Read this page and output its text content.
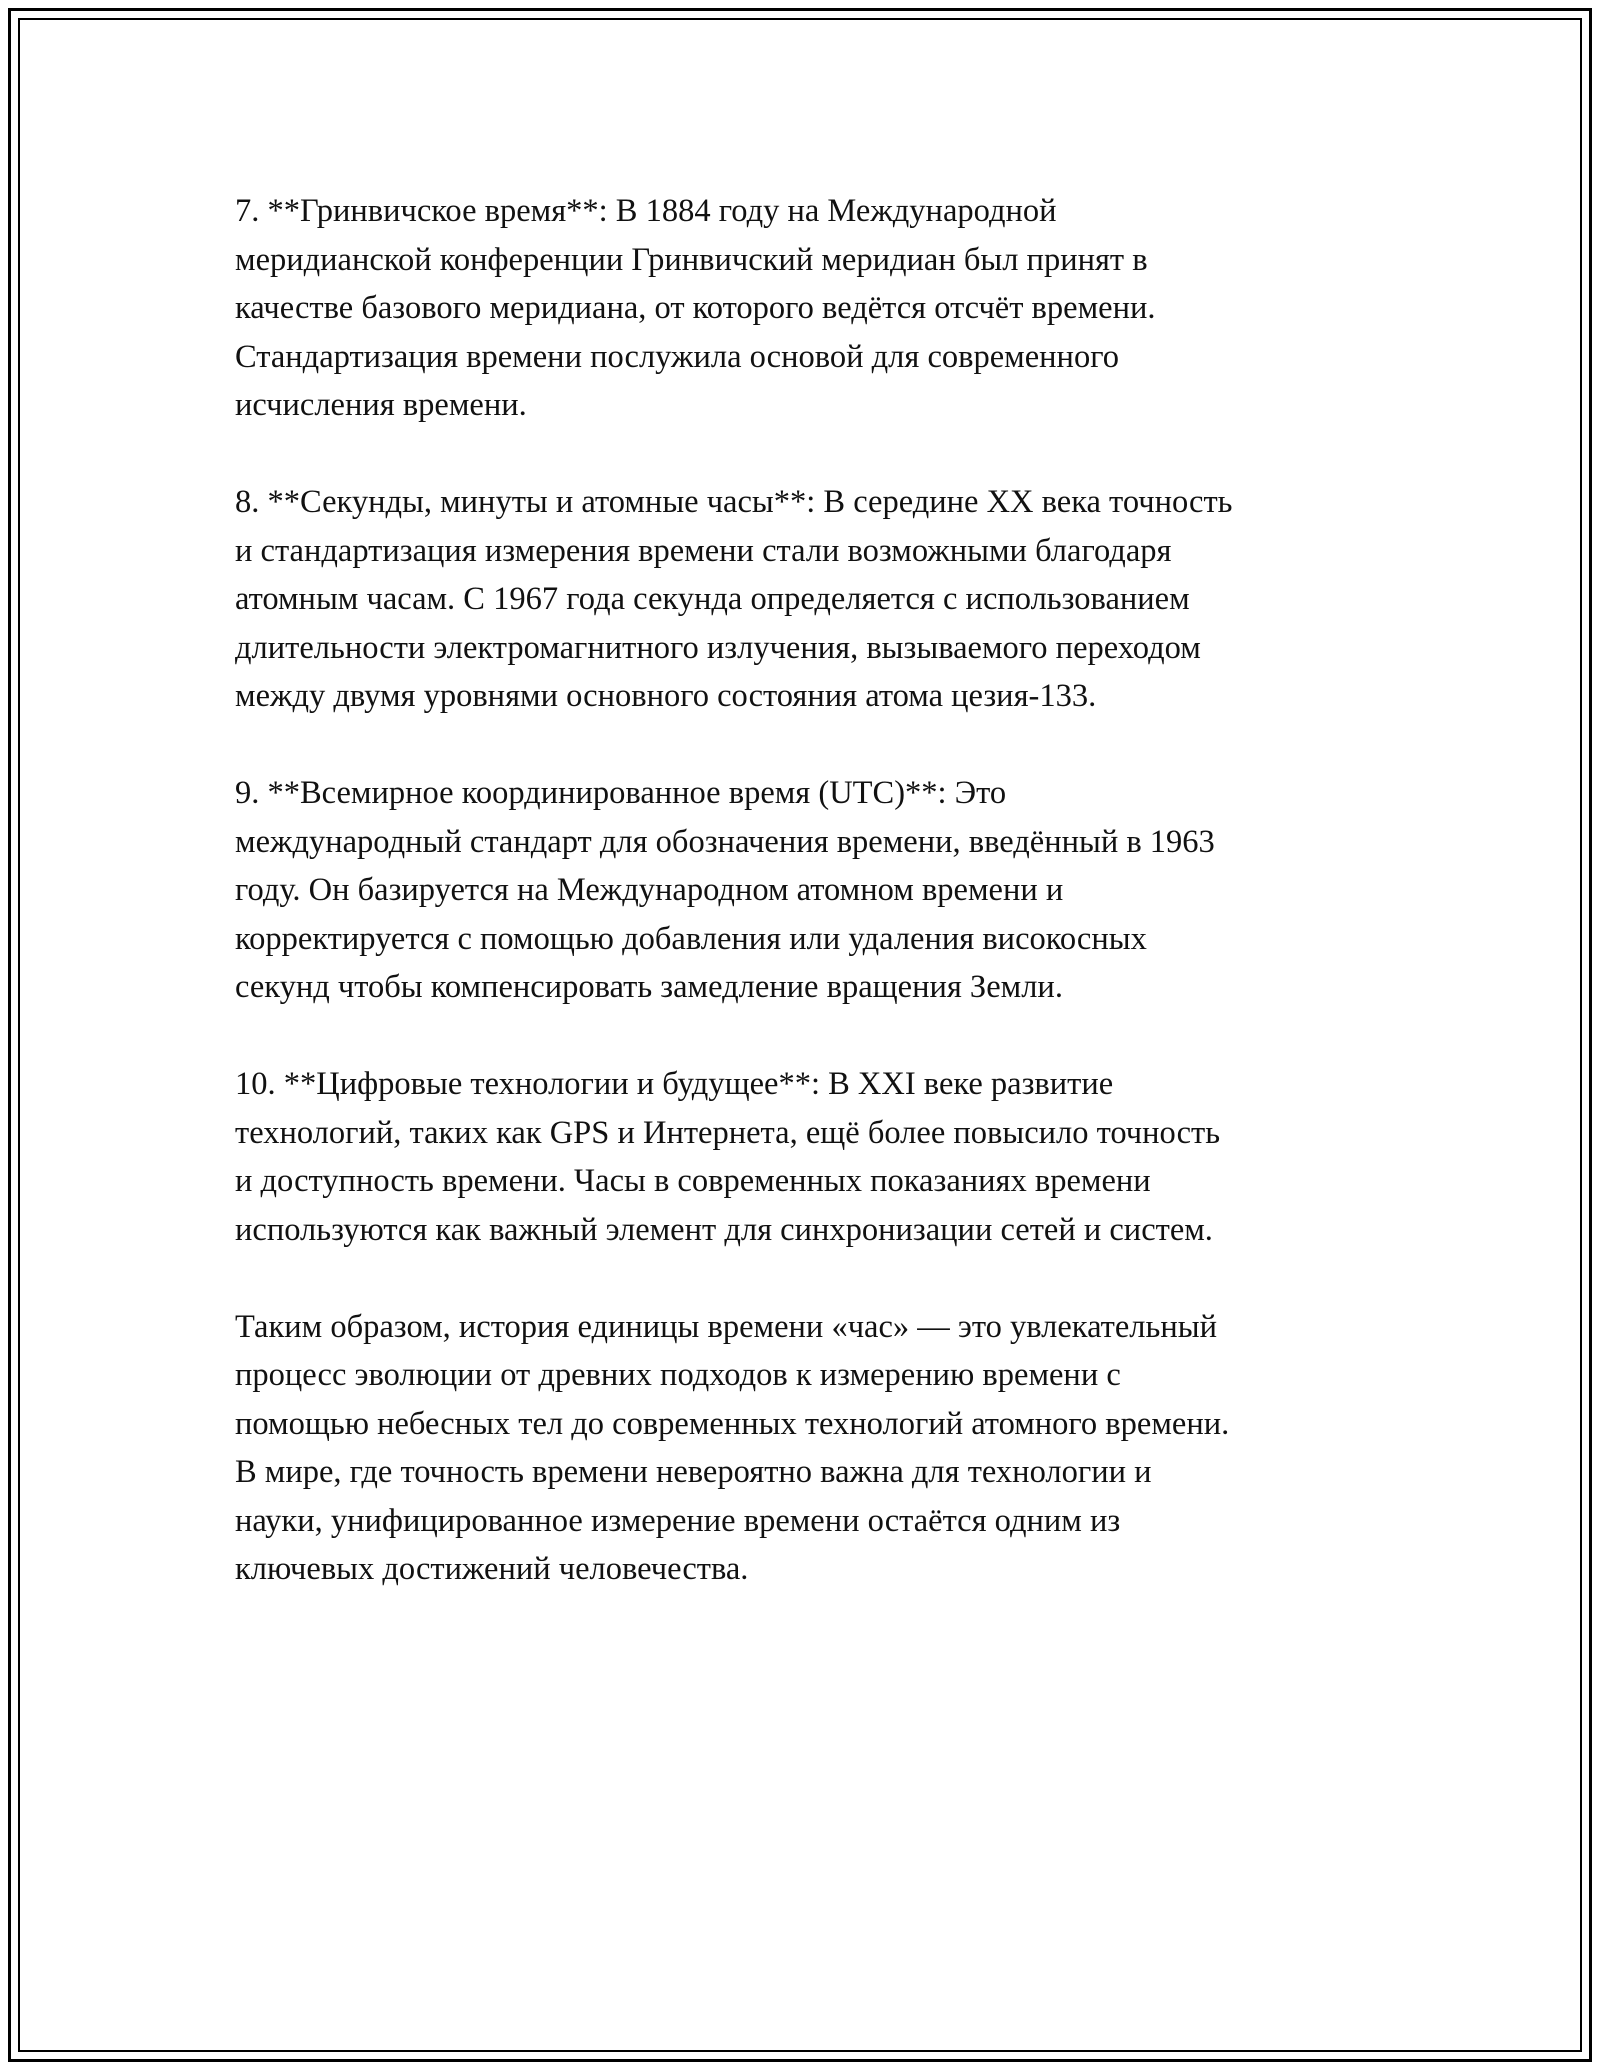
7. **Гринвичское время**: В 1884 году на Международной
меридианской конференции Гринвичский меридиан был принят в
качестве базового меридиана, от которого ведётся отсчёт времени.
Стандартизация времени послужила основой для современного
исчисления времени.

8. **Секунды, минуты и атомные часы**: В середине XX века точность
и стандартизация измерения времени стали возможными благодаря
атомным часам. С 1967 года секунда определяется с использованием
длительности электромагнитного излучения, вызываемого переходом
между двумя уровнями основного состояния атома цезия-133.

9. **Всемирное координированное время (UTC)**: Это
международный стандарт для обозначения времени, введённый в 1963
году. Он базируется на Международном атомном времени и
корректируется с помощью добавления или удаления високосных
секунд чтобы компенсировать замедление вращения Земли.

10. **Цифровые технологии и будущее**: В XXI веке развитие
технологий, таких как GPS и Интернета, ещё более повысило точность
и доступность времени. Часы в современных показаниях времени
используются как важный элемент для синхронизации сетей и систем.

Таким образом, история единицы времени «час» — это увлекательный
процесс эволюции от древних подходов к измерению времени с
помощью небесных тел до современных технологий атомного времени.
В мире, где точность времени невероятно важна для технологии и
науки, унифицированное измерение времени остаётся одним из
ключевых достижений человечества.
